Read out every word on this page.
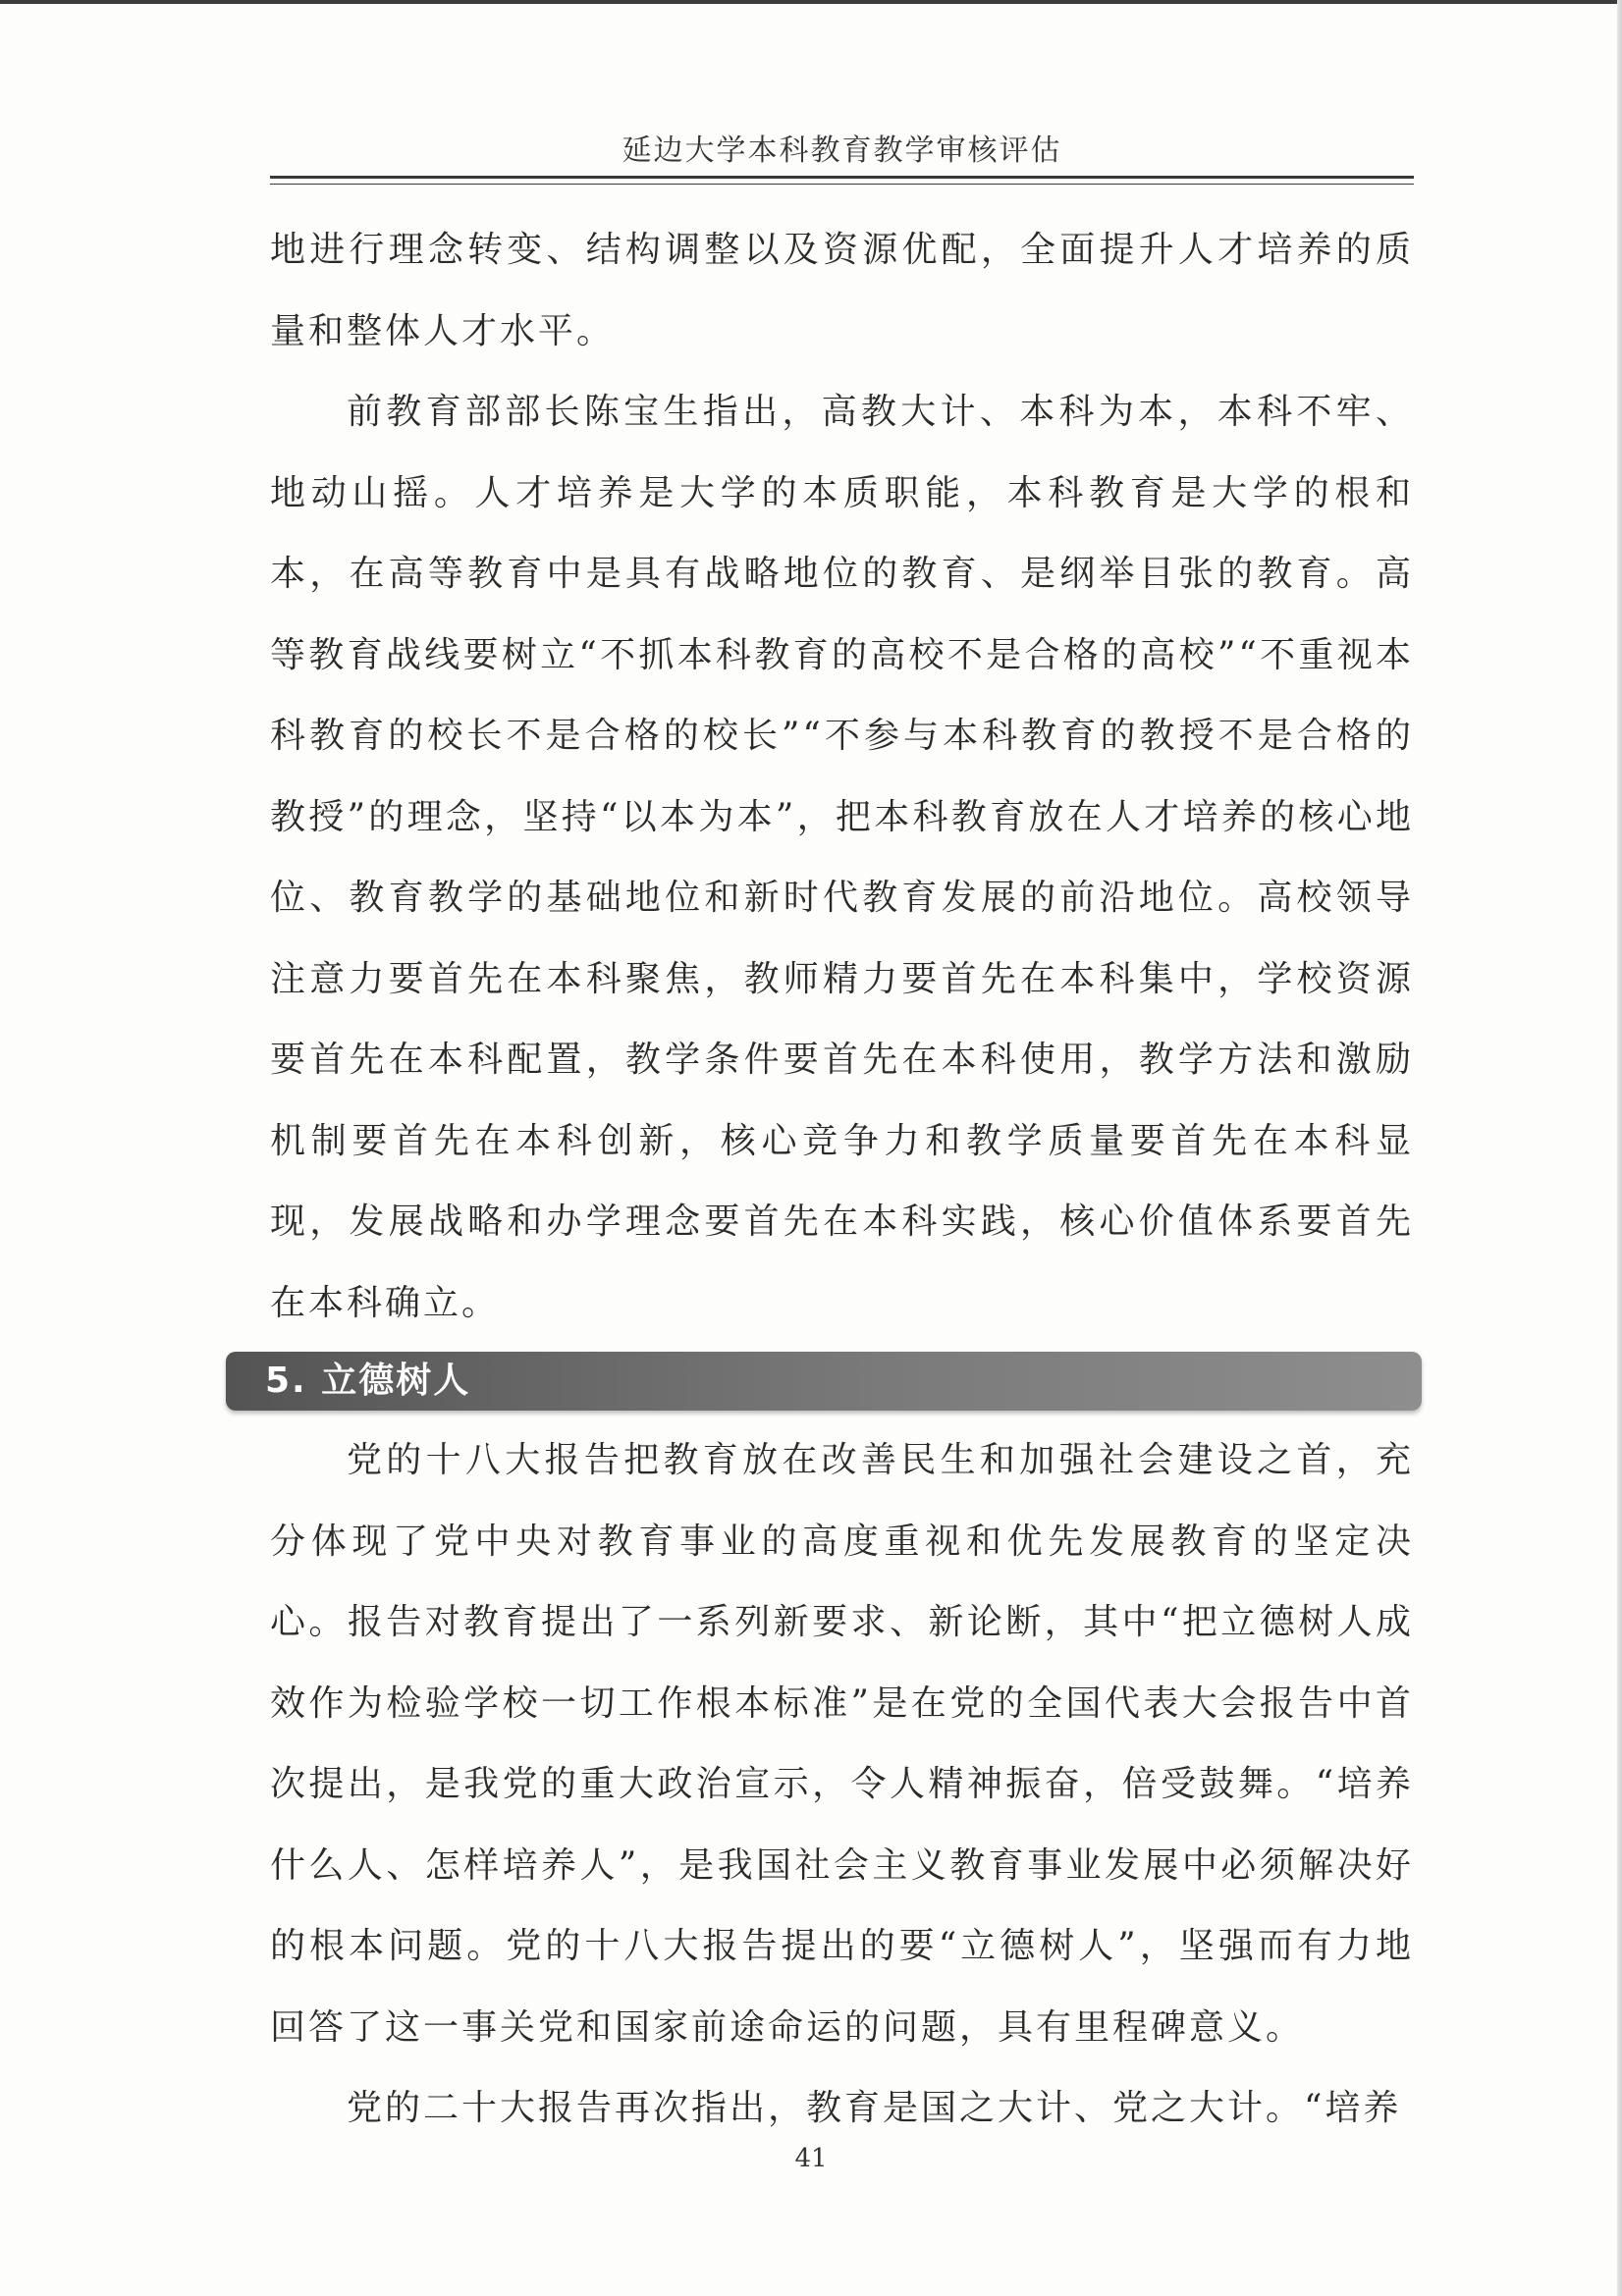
延边大学本科教育教学审核评估

地进行理念转变、结构调整以及资源优配，全面提升人才培养的质量和整体人才水平。

前教育部部长陈宝生指出，高教大计、本科为本，本科不牢、地动山摇。人才培养是大学的本质职能，本科教育是大学的根和本，在高等教育中是具有战略地位的教育、是纲举目张的教育。高等教育战线要树立“不抓本科教育的高校不是合格的高校”“不重视本科教育的校长不是合格的校长”“不参与本科教育的教授不是合格的教授”的理念，坚持“以本为本”，把本科教育放在人才培养的核心地位、教育教学的基础地位和新时代教育发展的前沿地位。高校领导注意力要首先在本科聚焦，教师精力要首先在本科集中，学校资源要首先在本科配置，教学条件要首先在本科使用，教学方法和激励机制要首先在本科创新，核心竞争力和教学质量要首先在本科显现，发展战略和办学理念要首先在本科实践，核心价值体系要首先在本科确立。

5. 立德树人

党的十八大报告把教育放在改善民生和加强社会建设之首，充分体现了党中央对教育事业的高度重视和优先发展教育的坚定决心。报告对教育提出了一系列新要求、新论断，其中“把立德树人成效作为检验学校一切工作根本标准”是在党的全国代表大会报告中首次提出，是我党的重大政治宣示，令人精神振奋，倍受鼓舞。“培养什么人、怎样培养人”，是我国社会主义教育事业发展中必须解决好的根本问题。党的十八大报告提出的要“立德树人”，坚强而有力地回答了这一事关党和国家前途命运的问题，具有里程碑意义。

党的二十大报告再次指出，教育是国之大计、党之大计。“培养

41
